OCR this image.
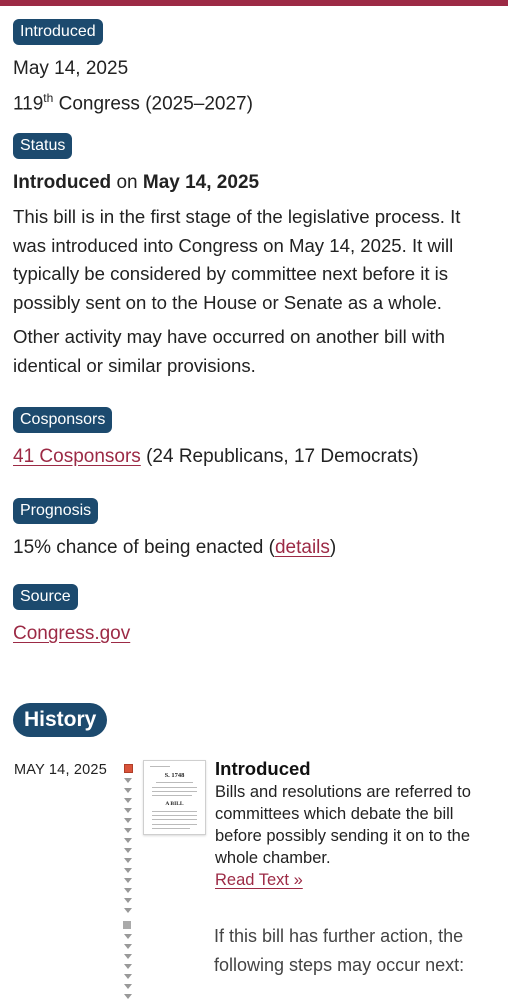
Introduced
May 14, 2025
119th Congress (2025–2027)
Status
Introduced on May 14, 2025
This bill is in the first stage of the legislative process. It was introduced into Congress on May 14, 2025. It will typically be considered by committee next before it is possibly sent on to the House or Senate as a whole.
Other activity may have occurred on another bill with identical or similar provisions.
Cosponsors
41 Cosponsors (24 Republicans, 17 Democrats)
Prognosis
15% chance of being enacted (details)
Source
Congress.gov
History
MAY 14, 2025	S. 1748
A BILL
Introduced
Bills and resolutions are referred to committees which debate the bill before possibly sending it on to the whole chamber.
Read Text »
If this bill has further action, the following steps may occur next:
